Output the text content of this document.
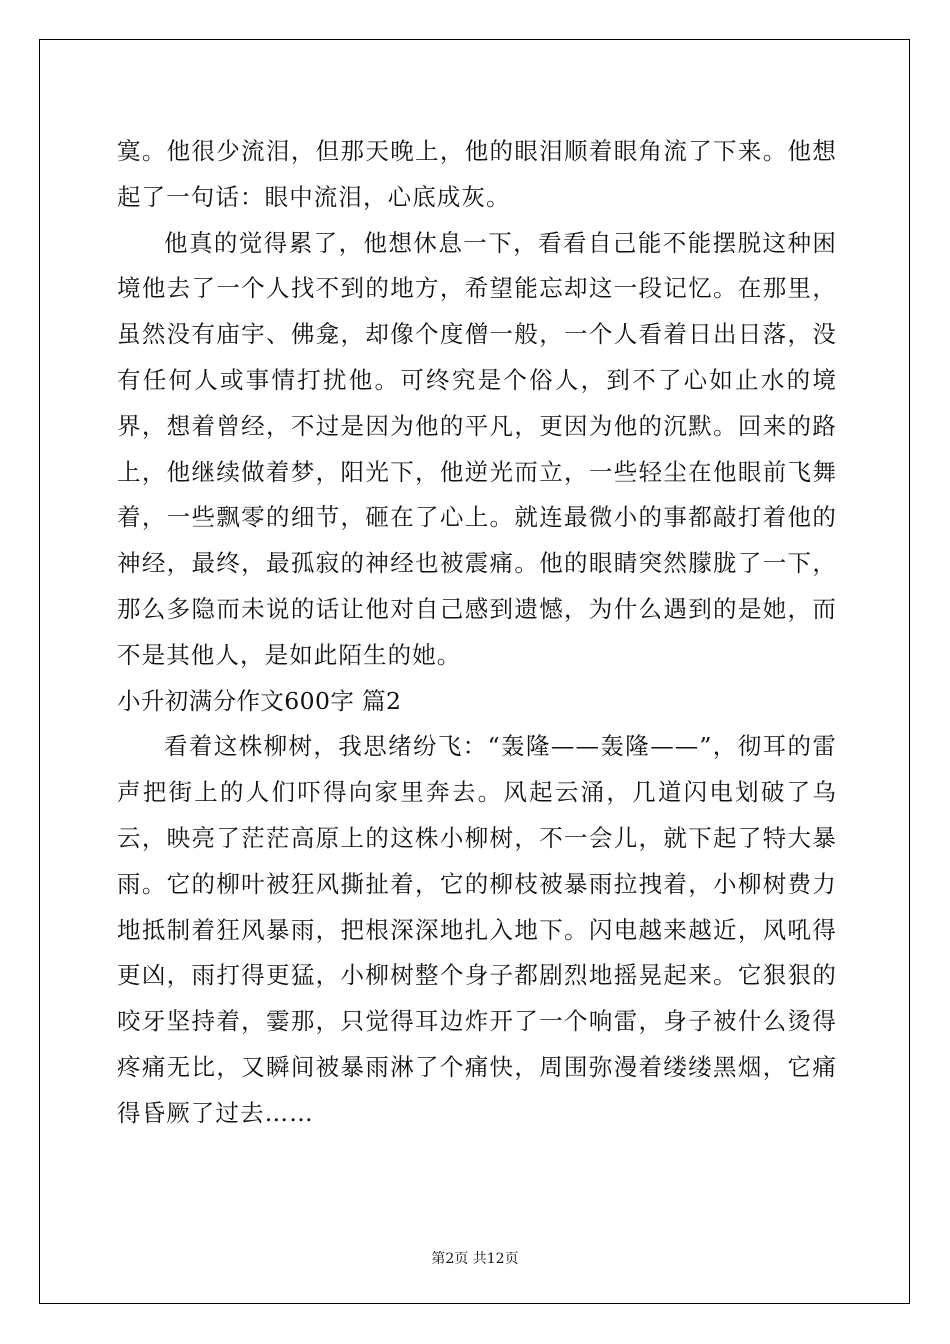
寞。他很少流泪，但那天晚上，他的眼泪顺着眼角流了下来。他想起了一句话：眼中流泪，心底成灰。

他真的觉得累了，他想休息一下，看看自己能不能摆脱这种困境他去了一个人找不到的地方，希望能忘却这一段记忆。在那里，虽然没有庙宇、佛龛，却像个度僧一般，一个人看着日出日落，没有任何人或事情打扰他。可终究是个俗人，到不了心如止水的境界，想着曾经，不过是因为他的平凡，更因为他的沉默。回来的路上，他继续做着梦，阳光下，他逆光而立，一些轻尘在他眼前飞舞着，一些飘零的细节，砸在了心上。就连最微小的事都敲打着他的神经，最终，最孤寂的神经也被震痛。他的眼睛突然朦胧了一下，那么多隐而未说的话让他对自己感到遗憾，为什么遇到的是她，而不是其他人，是如此陌生的她。

小升初满分作文600字 篇2

看着这株柳树，我思绪纷飞：“轰隆——轰隆——”，彻耳的雷声把街上的人们吓得向家里奔去。风起云涌，几道闪电划破了乌云，映亮了茫茫高原上的这株小柳树，不一会儿，就下起了特大暴雨。它的柳叶被狂风撕扯着，它的柳枝被暴雨拉拽着，小柳树费力地抵制着狂风暴雨，把根深深地扎入地下。闪电越来越近，风吼得更凶，雨打得更猛，小柳树整个身子都剧烈地摇晃起来。它狠狠的咬牙坚持着，霎那，只觉得耳边炸开了一个响雷，身子被什么烫得疼痛无比，又瞬间被暴雨淋了个痛快，周围弥漫着缕缕黑烟，它痛得昏厥了过去……

第2页 共12页
